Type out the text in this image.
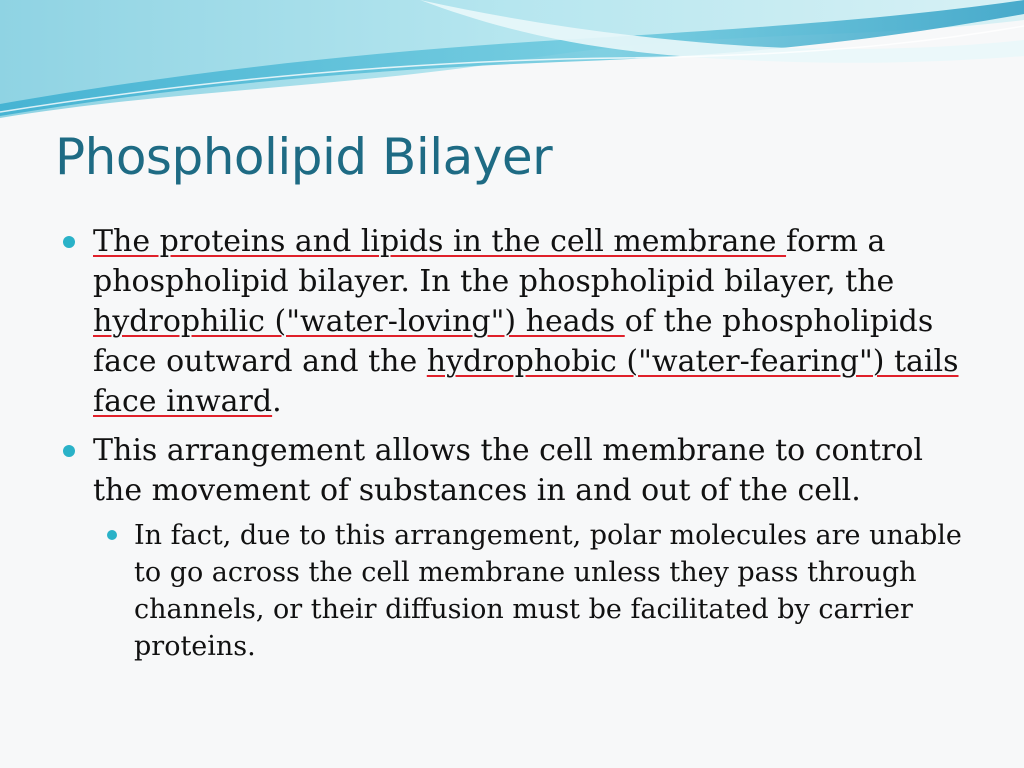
Phospholipid Bilayer
The proteins and lipids in the cell membrane form a phospholipid bilayer. In the phospholipid bilayer, the hydrophilic ("water-loving") heads of the phospholipids face outward and the hydrophobic ("water-fearing") tails face inward.
This arrangement allows the cell membrane to control the movement of substances in and out of the cell.
In fact, due to this arrangement, polar molecules are unable to go across the cell membrane unless they pass through channels, or their diffusion must be facilitated by carrier proteins.
